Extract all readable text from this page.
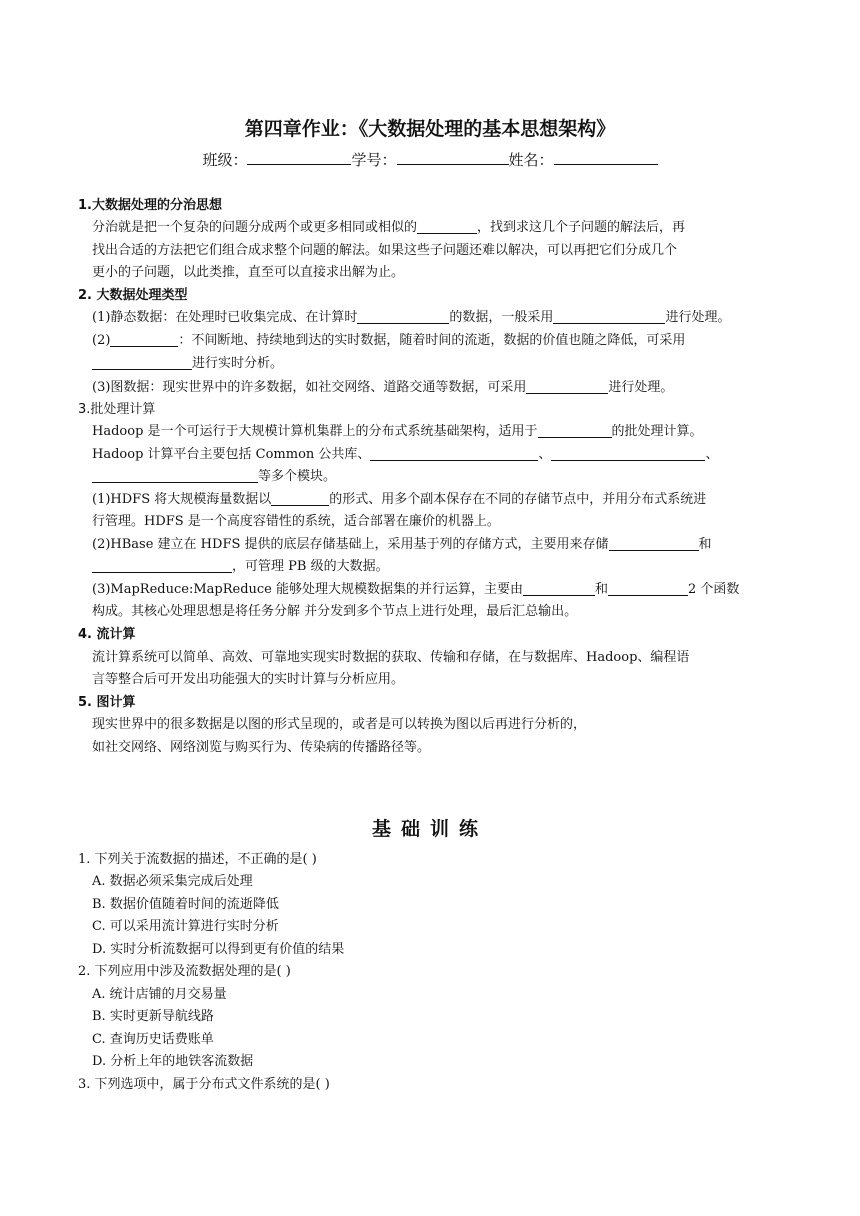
第四章作业：《大数据处理的基本思想架构》
班级：	学号：	姓名：
1.大数据处理的分治思想
分治就是把一个复杂的问题分成两个或更多相同或相似的	，找到求这几个子问题的解法后，再
找出合适的方法把它们组合成求整个问题的解法。如果这些子问题还难以解决，可以再把它们分成几个
更小的子问题，以此类推，直至可以直接求出解为止。
2. 大数据处理类型
(1)静态数据：在处理时已收集完成、在计算时	的数据，一般采用	进行处理。
(2)	：不间断地、持续地到达的实时数据，随着时间的流逝，数据的价值也随之降低，可采用
进行实时分析。
(3)图数据：现实世界中的许多数据，如社交网络、道路交通等数据，可采用	进行处理。
3.批处理计算
Hadoop 是一个可运行于大规模计算机集群上的分布式系统基础架构，适用于	的批处理计算。
Hadoop 计算平台主要包括 Common 公共库、	、	、
等多个模块。
(1)HDFS 将大规模海量数据以	的形式、用多个副本保存在不同的存储节点中，并用分布式系统进
行管理。HDFS 是一个高度容错性的系统，适合部署在廉价的机器上。
(2)HBase 建立在 HDFS 提供的底层存储基础上，采用基于列的存储方式，主要用来存储	和
，可管理 PB 级的大数据。
(3)MapReduce:MapReduce 能够处理大规模数据集的并行运算，主要由	和	2 个函数
构成。其核心处理思想是将任务分解 并分发到多个节点上进行处理，最后汇总输出。
4. 流计算
流计算系统可以简单、高效、可靠地实现实时数据的获取、传输和存储，在与数据库、Hadoop、编程语
言等整合后可开发出功能强大的实时计算与分析应用。
5. 图计算
现实世界中的很多数据是以图的形式呈现的，或者是可以转换为图以后再进行分析的，
如社交网络、网络浏览与购买行为、传染病的传播路径等。
基础训练
1. 下列关于流数据的描述，不正确的是( )
A. 数据必须采集完成后处理
B. 数据价值随着时间的流逝降低
C. 可以采用流计算进行实时分析
D. 实时分析流数据可以得到更有价值的结果
2. 下列应用中涉及流数据处理的是( )
A. 统计店铺的月交易量
B. 实时更新导航线路
C. 查询历史话费账单
D. 分析上年的地铁客流数据
3. 下列选项中，属于分布式文件系统的是( )
